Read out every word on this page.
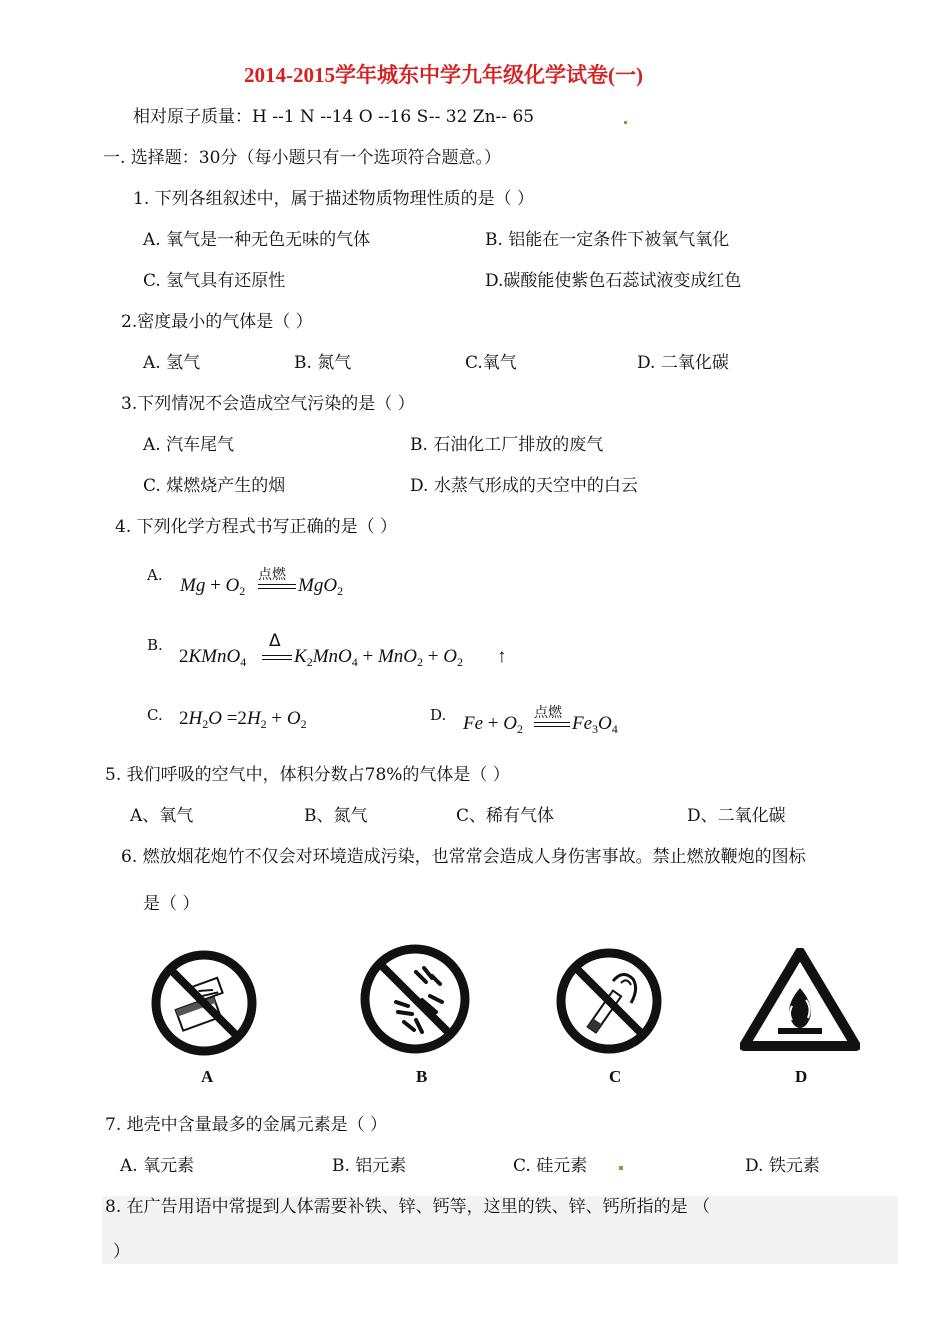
2014-2015学年城东中学九年级化学试卷(一)
相对原子质量：H --1 N --14 O --16 S-- 32 Zn-- 65
一. 选择题：30分（每小题只有一个选项符合题意。）
1. 下列各组叙述中，属于描述物质物理性质的是（ ）
A. 氧气是一种无色无味的气体	B. 铝能在一定条件下被氧气氧化
C. 氢气具有还原性	D.碳酸能使紫色石蕊试液变成红色
2.密度最小的气体是（ ）
A. 氢气	B. 氮气	C.氧气	D. 二氧化碳
3.下列情况不会造成空气污染的是（ ）
A. 汽车尾气	B. 石油化工厂排放的废气
C. 煤燃烧产生的烟	D. 水蒸气形成的天空中的白云
4. 下列化学方程式书写正确的是（ ）
A. $Mg + O_2$
点燃 MgO$_2$
B.
2KMnO$_4$
Δ
$K_2MnO_4 + MnO_2 + O_2$ ↑
C. $2H_2O =2H_2 + O_2$	D. $Fe + O_2$
点燃 $Fe_3O_4$
5. 我们呼吸的空气中，体积分数占78%的气体是（ ）
A、氧气	B、氮气	C、稀有气体	D、二氧化碳
6. 燃放烟花炮竹不仅会对环境造成污染，也常常会造成人身伤害事故。禁止燃放鞭炮的图标
是（ ）
A	B	C	D
7. 地壳中含量最多的金属元素是（ ）
A. 氧元素	B. 铝元素	C. 硅元素	D. 铁元素
8. 在广告用语中常提到人体需要补铁、锌、钙等，这里的铁、锌、钙所指的是 （
）
